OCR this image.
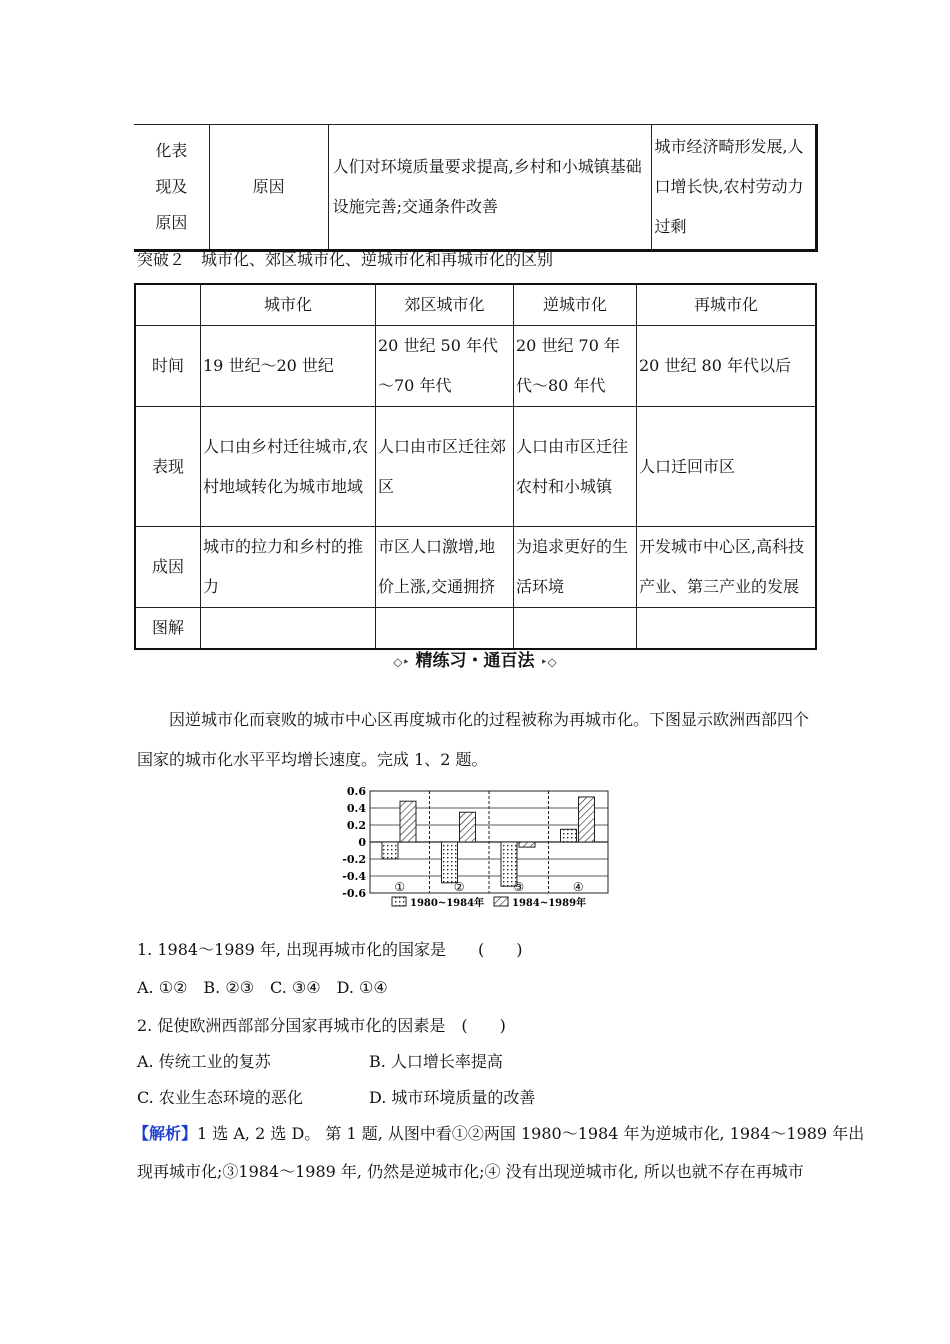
化表现及原因	原因	人们对环境质量要求提高,乡村和小城镇基础设施完善;交通条件改善	城市经济畸形发展,人口增长快,农村劳动力过剩
突破２　城市化、郊区城市化、逆城市化和再城市化的区别
	城市化	郊区城市化	逆城市化	再城市化
时间	19 世纪～20 世纪	20 世纪 50 年代～70 年代	20 世纪 70 年代～80 年代	20 世纪 80 年代以后
表现	人口由乡村迁往城市,农村地域转化为城市地域	人口由市区迁往郊区	人口由市区迁往农村和小城镇	人口迁回市区
成因	城市的拉力和乡村的推力	市区人口激增,地价上涨,交通拥挤	为追求更好的生活环境	开发城市中心区,高科技产业、第三产业的发展
图解				
◇‣ 精练习・通百法 ‣◇
因逆城市化而衰败的城市中心区再度城市化的过程被称为再城市化。下图显示欧洲西部四个国家的城市化水平平均增长速度。完成 1、2 题。
0.6
0.4
0.2
0
-0.2
-0.4
-0.6 ①	②	③	④
1980~1984年	1984~1989年
1. 1984～1989 年, 出现再城市化的国家是　　(　　)
A. ①②　B. ②③　C. ③④　D. ①④
2. 促使欧洲西部部分国家再城市化的因素是　(　　)
A. 传统工业的复苏	B. 人口增长率提高
C. 农业生态环境的恶化	D. 城市环境质量的改善
【解析】1 选 A, 2 选 D。 第 1 题, 从图中看①②两国 1980～1984 年为逆城市化, 1984～1989 年出
现再城市化;③1984～1989 年, 仍然是逆城市化;④ 没有出现逆城市化, 所以也就不存在再城市
